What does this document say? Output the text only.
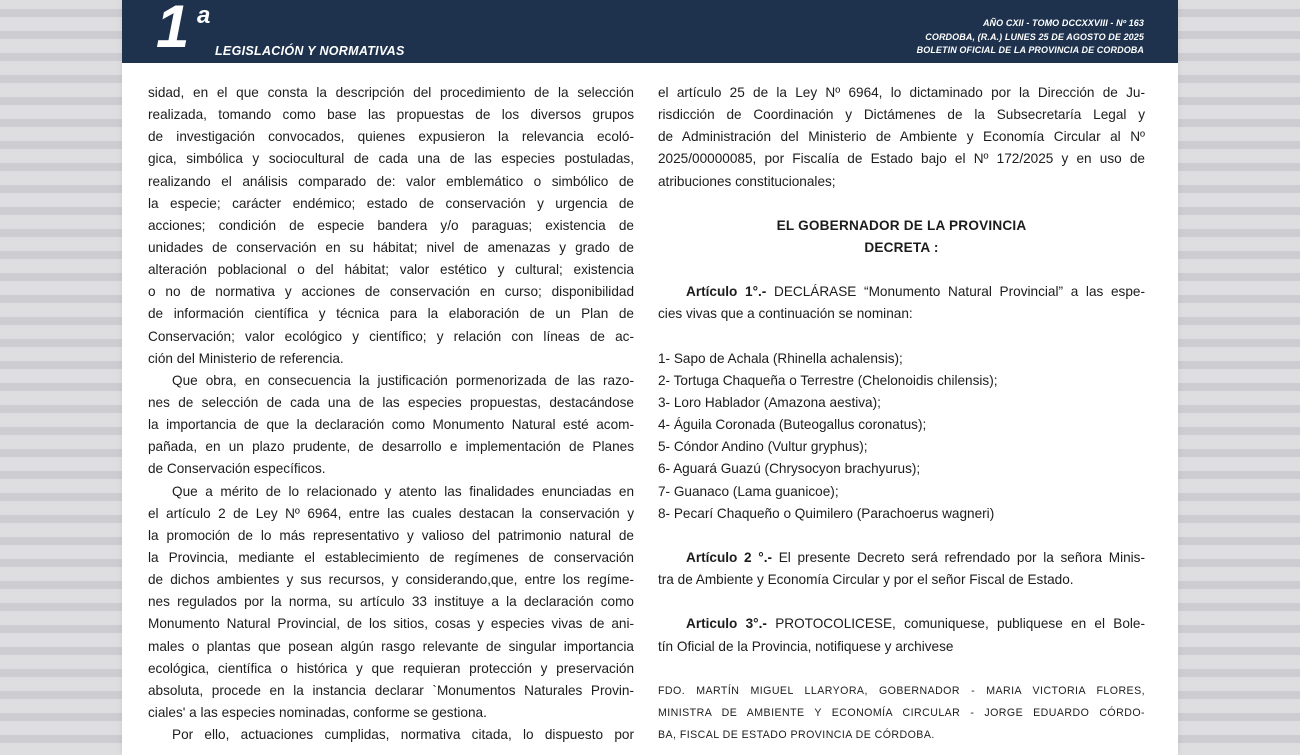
1 a
LEGISLACIÓN Y NORMATIVAS
AÑO CXII - TOMO DCCXXVIII - Nº 163
CORDOBA, (R.A.) LUNES 25 DE AGOSTO DE 2025
BOLETIN OFICIAL DE LA PROVINCIA DE CORDOBA
sidad, en el que consta la descripción del procedimiento de la selección
realizada, tomando como base las propuestas de los diversos grupos
de investigación convocados, quienes expusieron la relevancia ecoló-
gica, simbólica y sociocultural de cada una de las especies postuladas,
realizando el análisis comparado de: valor emblemático o simbólico de
la especie; carácter endémico; estado de conservación y urgencia de
acciones; condición de especie bandera y/o paraguas; existencia de
unidades de conservación en su hábitat; nivel de amenazas y grado de
alteración poblacional o del hábitat; valor estético y cultural; existencia
o no de normativa y acciones de conservación en curso; disponibilidad
de información científica y técnica para la elaboración de un Plan de
Conservación; valor ecológico y científico; y relación con líneas de ac-
ción del Ministerio de referencia.
Que obra, en consecuencia la justificación pormenorizada de las razo-
nes de selección de cada una de las especies propuestas, destacándose
la importancia de que la declaración como Monumento Natural esté acom-
pañada, en un plazo prudente, de desarrollo e implementación de Planes
de Conservación específicos.
Que a mérito de lo relacionado y atento las finalidades enunciadas en
el artículo 2 de Ley Nº 6964, entre las cuales destacan la conservación y
la promoción de lo más representativo y valioso del patrimonio natural de
la Provincia, mediante el establecimiento de regímenes de conservación
de dichos ambientes y sus recursos, y considerando,que, entre los regíme-
nes regulados por la norma, su artículo 33 instituye a la declaración como
Monumento Natural Provincial, de los sitios, cosas y especies vivas de ani-
males o plantas que posean algún rasgo relevante de singular importancia
ecológica, científica o histórica y que requieran protección y preservación
absoluta, procede en la instancia declarar `Monumentos Naturales Provin-
ciales' a las especies nominadas, conforme se gestiona.
Por ello, actuaciones cumplidas, normativa citada, lo dispuesto por
el artículo 25 de la Ley Nº 6964, lo dictaminado por la Dirección de Ju-
risdicción de Coordinación y Dictámenes de la Subsecretaría Legal y
de Administración del Ministerio de Ambiente y Economía Circular al Nº
2025/00000085, por Fiscalía de Estado bajo el Nº 172/2025 y en uso de
atribuciones constitucionales;
EL GOBERNADOR DE LA PROVINCIA
DECRETA :
Artículo 1°.- DECLÁRASE “Monumento Natural Provincial” a las espe-
cies vivas que a continuación se nominan:
1- Sapo de Achala (Rhinella achalensis);
2- Tortuga Chaqueña o Terrestre (Chelonoidis chilensis);
3- Loro Hablador (Amazona aestiva);
4- Águila Coronada (Buteogallus coronatus);
5- Cóndor Andino (Vultur gryphus);
6- Aguará Guazú (Chrysocyon brachyurus);
7- Guanaco (Lama guanicoe);
8- Pecarí Chaqueño o Quimilero (Parachoerus wagneri)
Artículo 2 °.- El presente Decreto será refrendado por la señora Minis-
tra de Ambiente y Economía Circular y por el señor Fiscal de Estado.
Articulo 3°.- PROTOCOLICESE, comuniquese, publiquese en el Bole-
tín Oficial de la Provincia, notifiquese y archivese
FDO. MARTÍN MIGUEL LLARYORA, GOBERNADOR - MARIA VICTORIA FLORES,
MINISTRA DE AMBIENTE Y ECONOMÍA CIRCULAR - JORGE EDUARDO CÓRDO-
BA, FISCAL DE ESTADO PROVINCIA DE CÓRDOBA.
